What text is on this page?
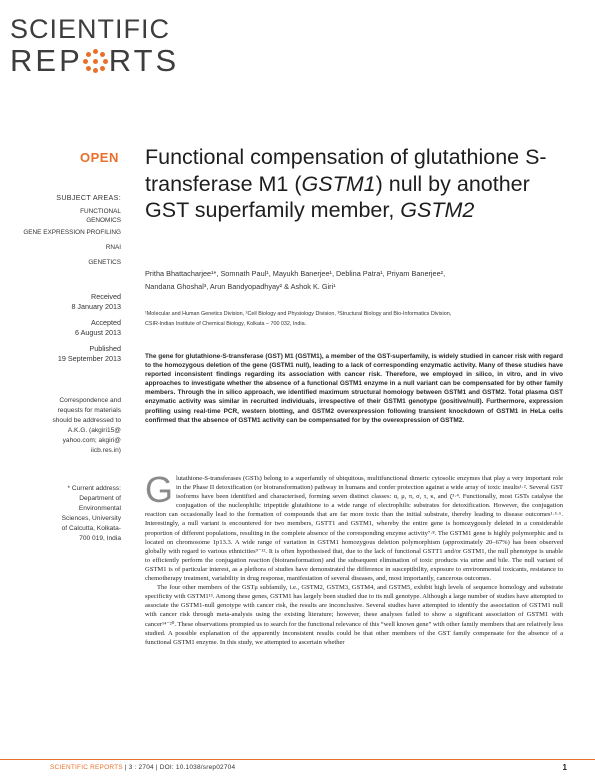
SCIENTIFIC
REP RTS
OPEN Functional compensation of glutathione S-transferase M1 (GSTM1) null by another GST superfamily member, GSTM2
SUBJECT AREAS:
FUNCTIONAL GENOMICS
GENE EXPRESSION PROFILING
RNAI
GENETICS
Received
8 January 2013
Accepted
6 August 2013
Published
19 September 2013
Correspondence and requests for materials should be addressed to A.K.G. (akgiri15@ yahoo.com; akgiri@ iicb.res.in)
* Current address: Department of Environmental Sciences, University of Calcutta, Kolkata-700 019, India
Pritha Bhattacharjee¹*, Somnath Paul¹, Mayukh Banerjee¹, Deblina Patra¹, Priyam Banerjee²,
Nandana Ghoshal³, Arun Bandyopadhyay² & Ashok K. Giri¹
¹Molecular and Human Genetics Division, ²Cell Biology and Physiology Division, ³Structural Biology and Bio-Informatics Division,
CSIR-Indian Institute of Chemical Biology, Kolkata – 700 032, India.
The gene for glutathione-S-transferase (GST) M1 (GSTM1), a member of the GST-superfamily, is widely studied in cancer risk with regard to the homozygous deletion of the gene (GSTM1 null), leading to a lack of corresponding enzymatic activity. Many of these studies have reported inconsistent findings regarding its association with cancer risk. Therefore, we employed in silico, in vitro, and in vivo approaches to investigate whether the absence of a functional GSTM1 enzyme in a null variant can be compensated for by other family members. Through the in silico approach, we identified maximum structural homology between GSTM1 and GSTM2. Total plasma GST enzymatic activity was similar in recruited individuals, irrespective of their GSTM1 genotype (positive/null). Furthermore, expression profiling using real-time PCR, western blotting, and GSTM2 overexpression following transient knockdown of GSTM1 in HeLa cells confirmed that the absence of GSTM1 activity can be compensated for by the overexpression of GSTM2.

Glutathione-S-transferases (GSTs) belong to a superfamily of ubiquitous, multifunctional dimeric cytosolic enzymes that play a very important role in the Phase II detoxification (or biotransformation) pathway in humans and confer protection against a wide array of toxic insults¹·². Several GST isoforms have been identified and characterised, forming seven distinct classes: α, μ, π, σ, τ, κ, and ζ³·⁴. Functionally, most GSTs catalyse the conjugation of the nucleophilic tripeptide glutathione to a wide range of electrophilic substrates for detoxification. However, the conjugation reaction can occasionally lead to the formation of compounds that are far more toxic than the initial substrate, thereby leading to disease outcomes¹·⁵·⁶. Interestingly, a null variant is encountered for two members, GSTT1 and GSTM1, whereby the entire gene is homozygously deleted in a considerable proportion of different populations, resulting in the complete absence of the corresponding enzyme activity⁷·⁸. The GSTM1 gene is highly polymorphic and is located on chromosome 1p13.3. A wide range of variation in GSTM1 homozygous deletion polymorphism (approximately 20–67%) has been observed globally with regard to various ethnicities⁹⁻¹². It is often hypothesised that, due to the lack of functional GSTT1 and/or GSTM1, the null phenotype is unable to efficiently perform the conjugation reaction (biotransformation) and the subsequent elimination of toxic products via urine and bile. The null variant of GSTM1 is of particular interest, as a plethora of studies have demonstrated the difference in susceptibility, exposure to environmental toxicants, resistance to chemotherapy treatment, variability in drug response, manifestation of several diseases, and, most importantly, cancerous outcomes.

The four other members of the GSTμ subfamily, i.e., GSTM2, GSTM3, GSTM4, and GSTM5, exhibit high levels of sequence homology and substrate specificity with GSTM1¹³. Among these genes, GSTM1 has largely been studied due to its null genotype. Although a large number of studies have attempted to associate the GSTM1-null genotype with cancer risk, the results are inconclusive. Several studies have attempted to identify the association of GSTM1 null with cancer risk through meta-analysis using the existing literature; however, these analyses failed to show a significant association of GSTM1 with cancer¹⁴⁻²⁰. These observations prompted us to search for the functional relevance of this “well known gene” with other family members that are relatively less studied. A possible explanation of the apparently inconsistent results could be that other members of the GST family compensate for the absence of a functional GSTM1 enzyme. In this study, we attempted to ascertain whether

SCIENTIFIC REPORTS | 3 : 2704 | DOI: 10.1038/srep02704	1
